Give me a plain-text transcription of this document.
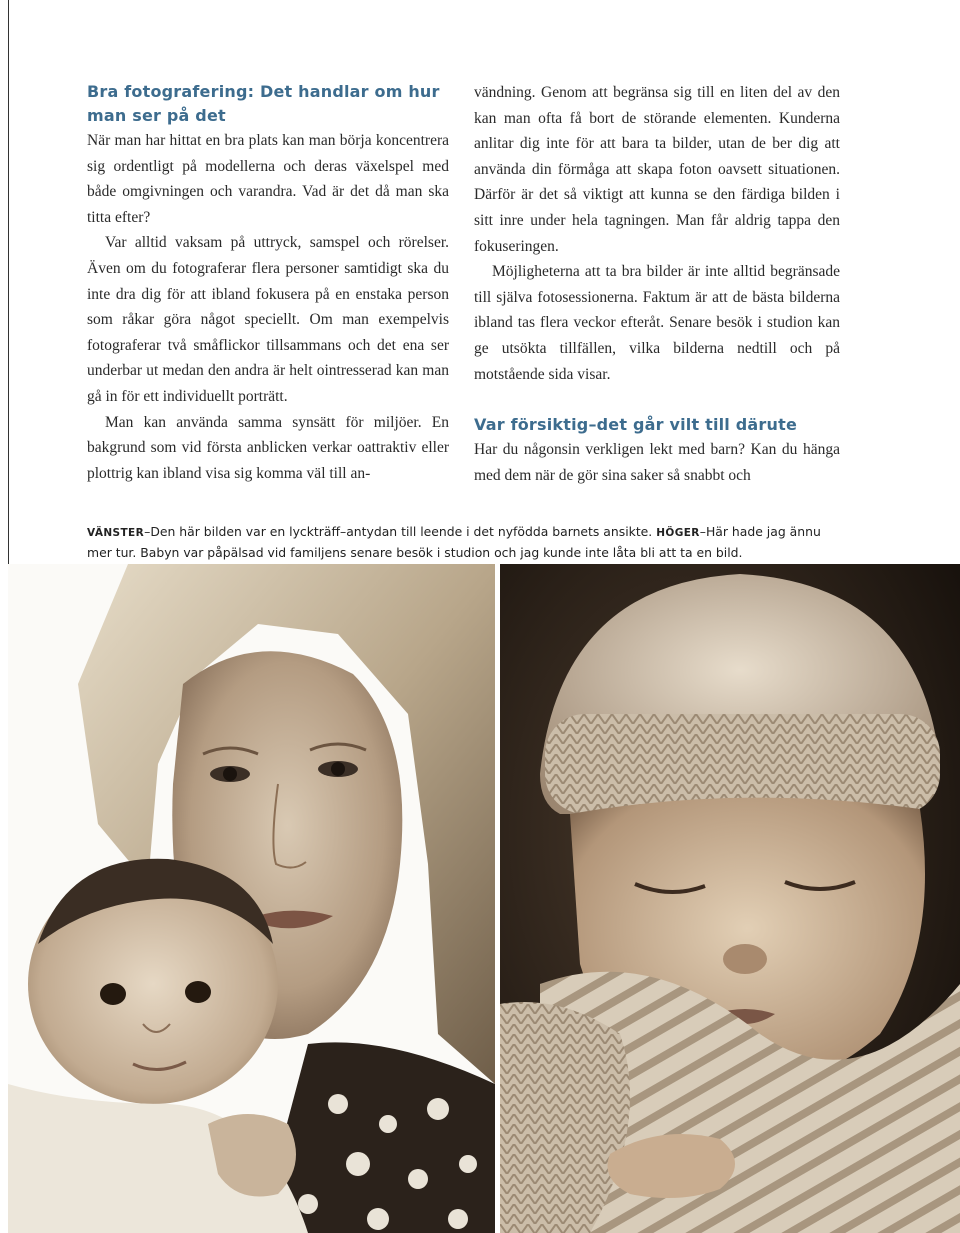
Bra fotografering: Det handlar om hur man ser på det

När man har hittat en bra plats kan man börja koncentrera sig ordentligt på modellerna och deras växelspel med både omgivningen och varandra. Vad är det då man ska titta efter?

Var alltid vaksam på uttryck, samspel och rörelser. Även om du fotograferar flera personer samtidigt ska du inte dra dig för att ibland fokusera på en enstaka person som råkar göra något speciellt. Om man exempelvis fotograferar två småflickor tillsammans och det ena ser underbar ut medan den andra är helt ointresserad kan man gå in för ett individuellt porträtt.

Man kan använda samma synsätt för miljöer. En bakgrund som vid första anblicken verkar oattraktiv eller plottrig kan ibland visa sig komma väl till an-

vändning. Genom att begränsa sig till en liten del av den kan man ofta få bort de störande elementen. Kunderna anlitar dig inte för att bara ta bilder, utan de ber dig att använda din förmåga att skapa foton oavsett situationen. Därför är det så viktigt att kunna se den färdiga bilden i sitt inre under hela tagningen. Man får aldrig tappa den fokuseringen.

Möjligheterna att ta bra bilder är inte alltid begränsade till själva fotosessionerna. Faktum är att de bästa bilderna ibland tas flera veckor efteråt. Senare besök i studion kan ge utsökta tillfällen, vilka bilderna nedtill och på motstående sida visar.

Var försiktig–det går vilt till därute

Har du någonsin verkligen lekt med barn? Kan du hänga med dem när de gör sina saker så snabbt och

VÄNSTER–Den här bilden var en lyckträff–antydan till leende i det nyfödda barnets ansikte. HÖGER–Här hade jag ännu mer tur. Babyn var påpälsad vid familjens senare besök i studion och jag kunde inte låta bli att ta en bild.
